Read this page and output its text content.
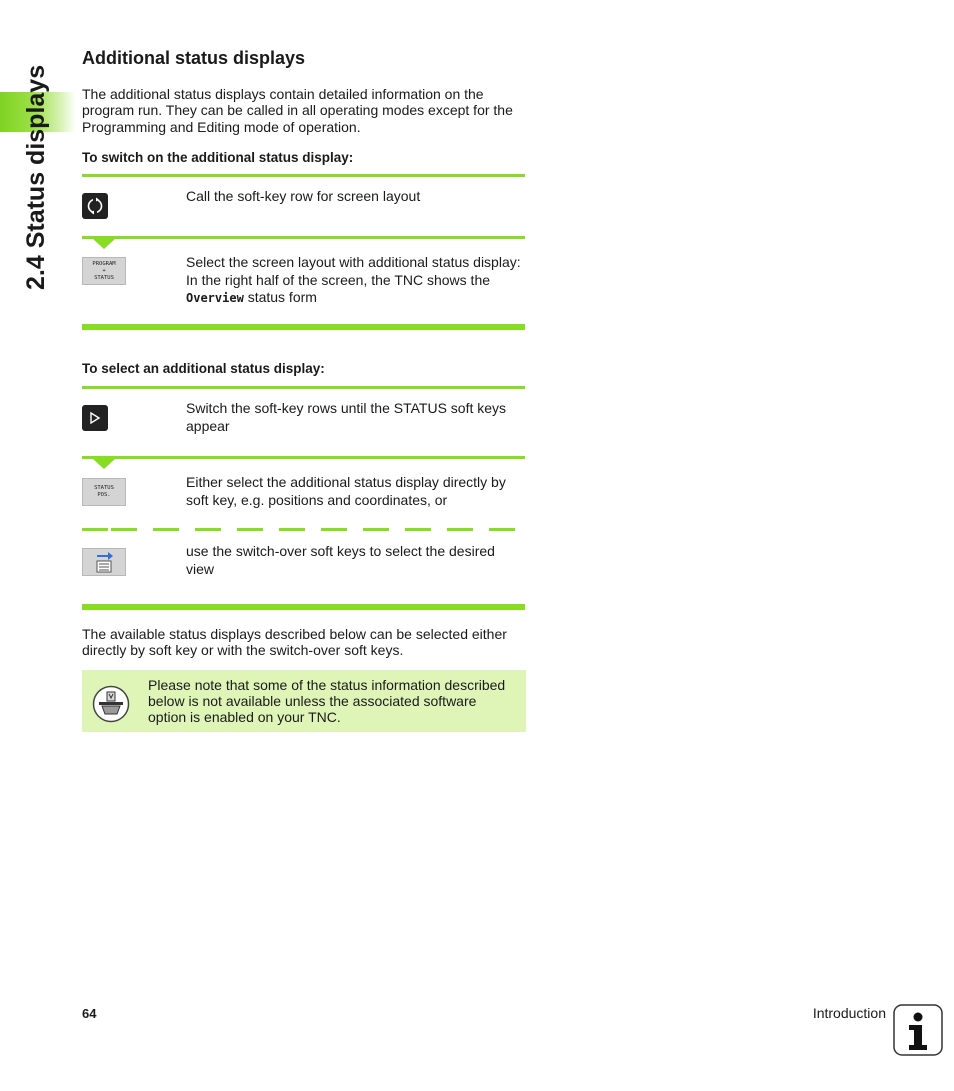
2.4 Status displays
Additional status displays
The additional status displays contain detailed information on the program run. They can be called in all operating modes except for the Programming and Editing mode of operation.
To switch on the additional status display:
Call the soft-key row for screen layout
PROGRAM
+
STATUS
Select the screen layout with additional status display: In the right half of the screen, the TNC shows the Overview status form
To select an additional status display:
Switch the soft-key rows until the STATUS soft keys appear
STATUS
POS.
Either select the additional status display directly by soft key, e.g. positions and coordinates, or
use the switch-over soft keys to select the desired view
The available status displays described below can be selected either directly by soft key or with the switch-over soft keys.
Please note that some of the status information described below is not available unless the associated software option is enabled on your TNC.
64	Introduction
